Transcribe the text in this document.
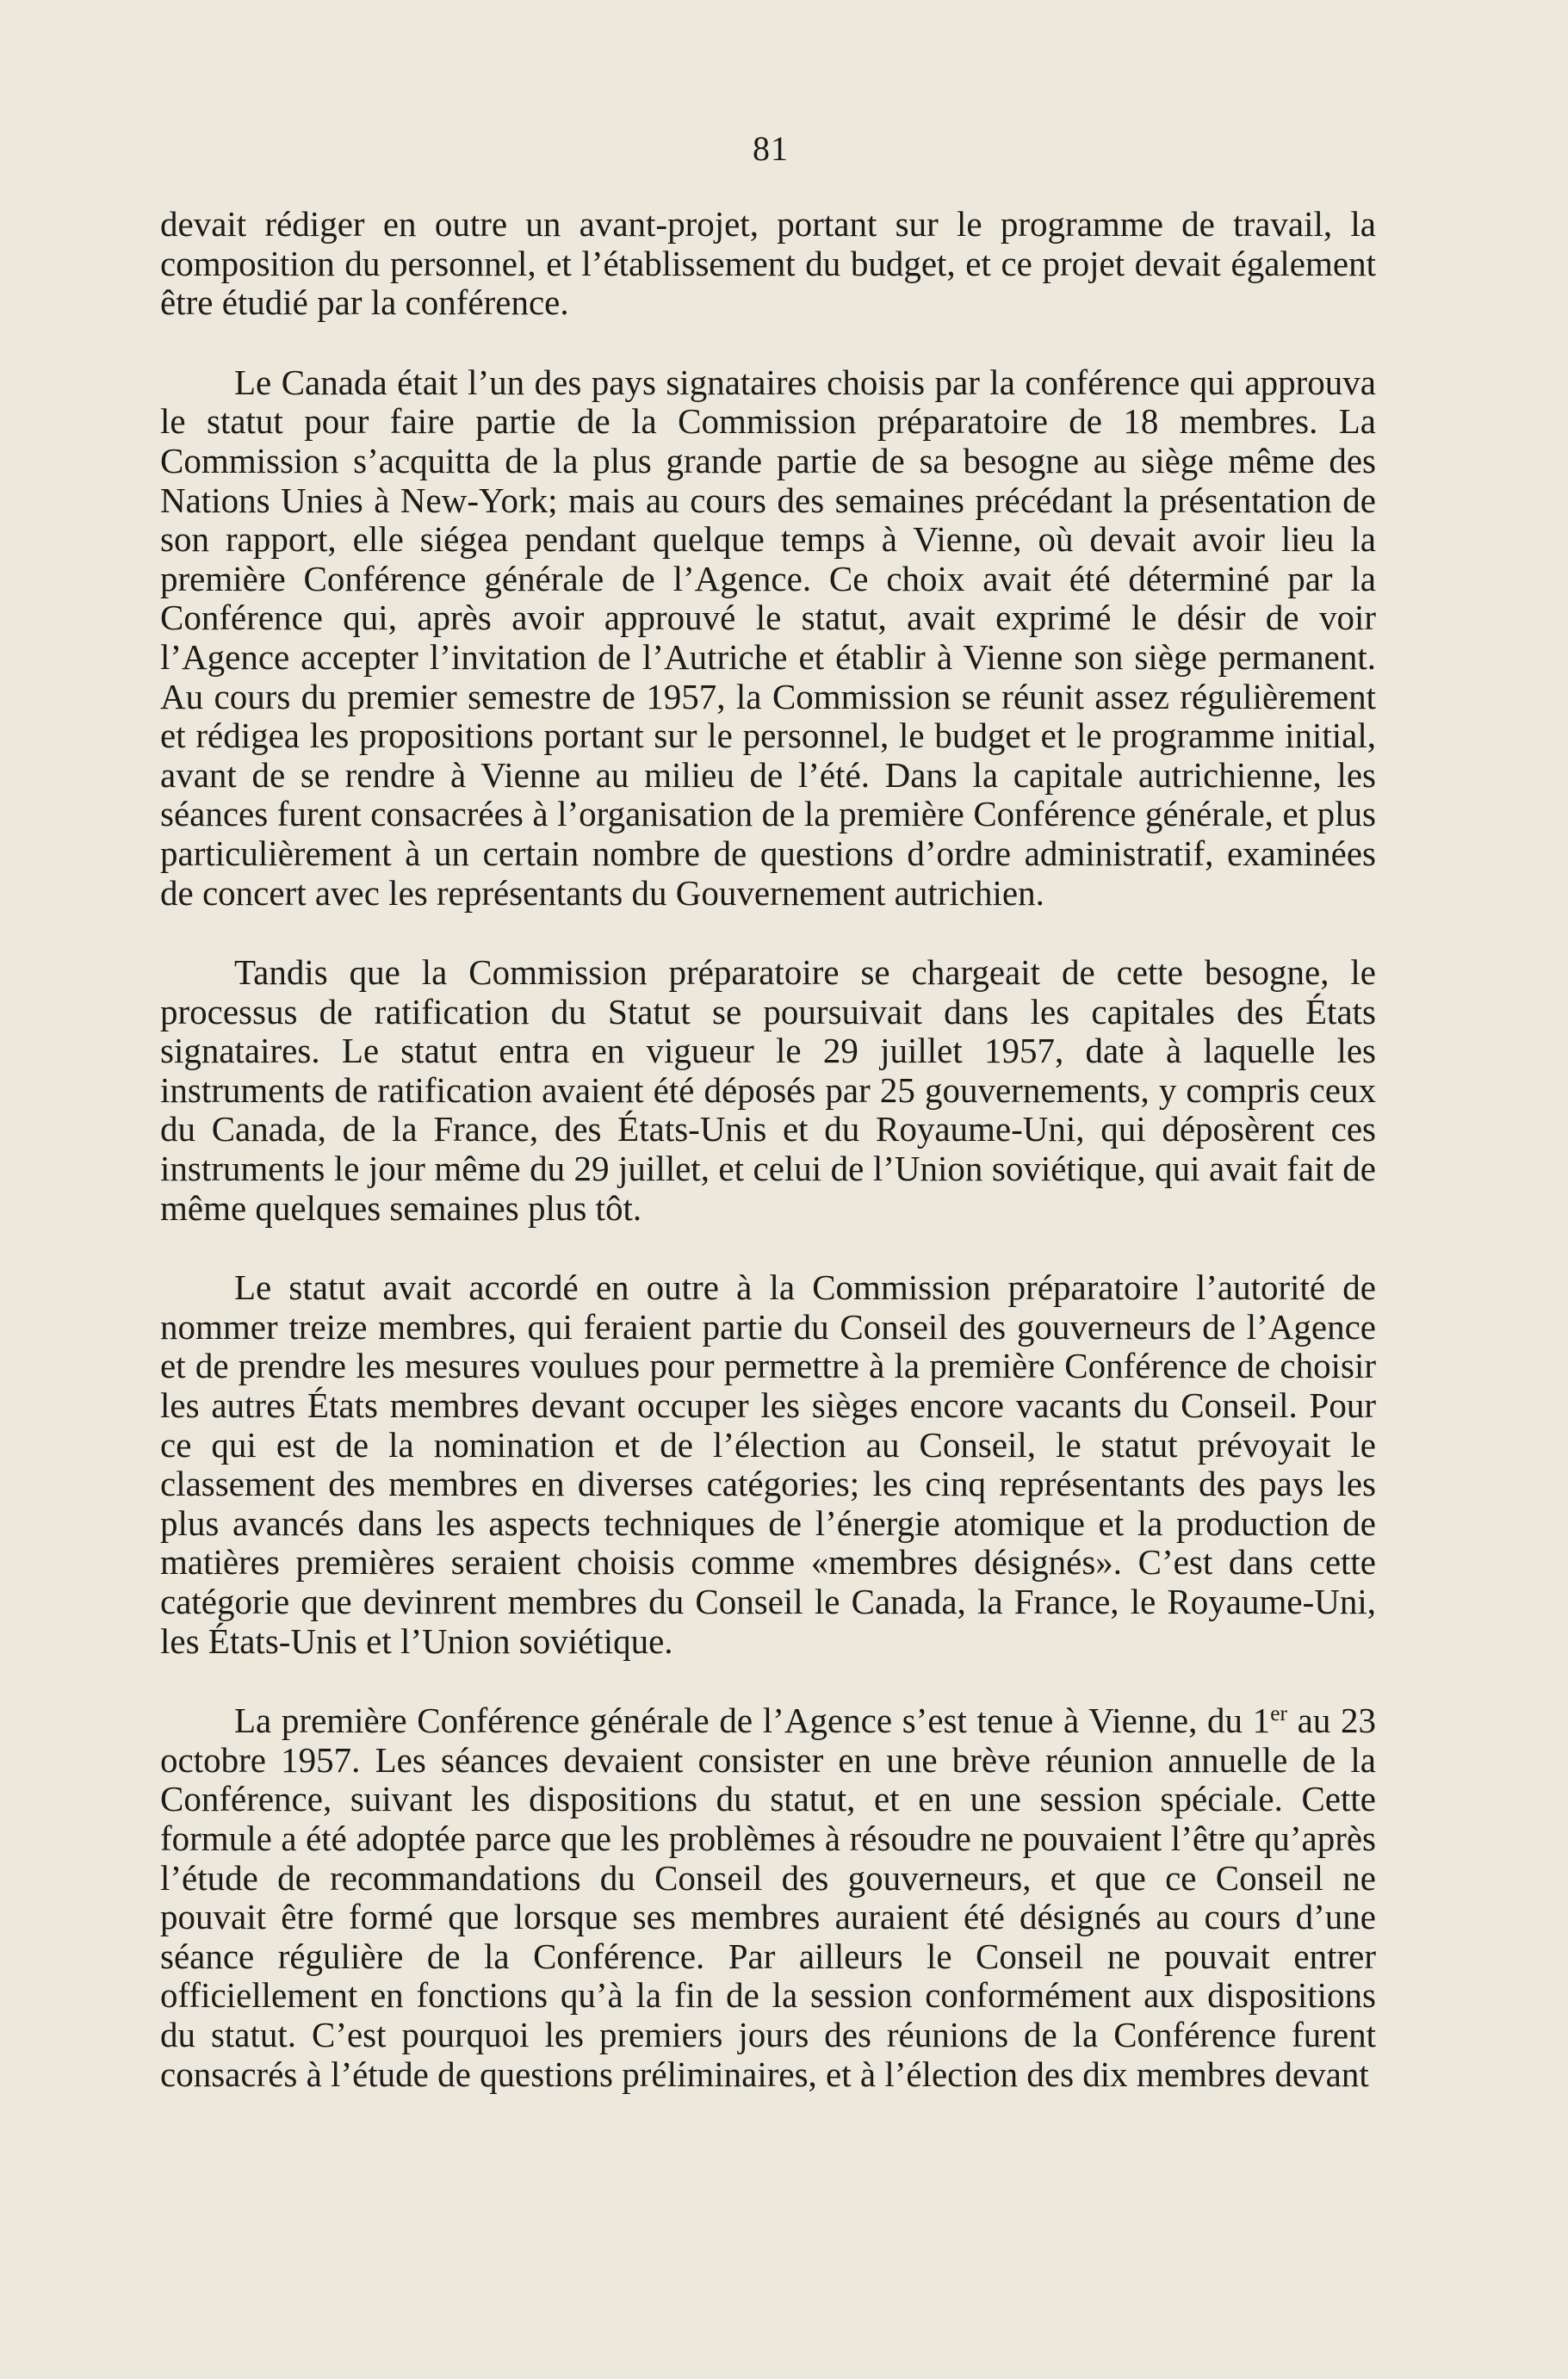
81

devait rédiger en outre un avant-projet, portant sur le programme de travail, la composition du personnel, et l’établissement du budget, et ce projet devait également être étudié par la conférence.

Le Canada était l’un des pays signataires choisis par la conférence qui approuva le statut pour faire partie de la Commission préparatoire de 18 membres. La Commission s’acquitta de la plus grande partie de sa besogne au siège même des Nations Unies à New-York; mais au cours des semaines précédant la présentation de son rapport, elle siégea pendant quelque temps à Vienne, où devait avoir lieu la première Conférence générale de l’Agence. Ce choix avait été déterminé par la Conférence qui, après avoir approuvé le statut, avait exprimé le désir de voir l’Agence accepter l’invitation de l’Autriche et établir à Vienne son siège permanent. Au cours du premier semestre de 1957, la Commission se réunit assez régulièrement et rédigea les propositions portant sur le personnel, le budget et le programme initial, avant de se rendre à Vienne au milieu de l’été. Dans la capitale autrichienne, les séances furent consacrées à l’organisation de la première Conférence générale, et plus particulièrement à un certain nombre de questions d’ordre administratif, examinées de concert avec les représentants du Gouvernement autrichien.

Tandis que la Commission préparatoire se chargeait de cette besogne, le processus de ratification du Statut se poursuivait dans les capitales des États signataires. Le statut entra en vigueur le 29 juillet 1957, date à laquelle les instruments de ratification avaient été déposés par 25 gouvernements, y compris ceux du Canada, de la France, des États-Unis et du Royaume-Uni, qui déposèrent ces instruments le jour même du 29 juillet, et celui de l’Union soviétique, qui avait fait de même quelques semaines plus tôt.

Le statut avait accordé en outre à la Commission préparatoire l’autorité de nommer treize membres, qui feraient partie du Conseil des gouverneurs de l’Agence et de prendre les mesures voulues pour permettre à la première Conférence de choisir les autres États membres devant occuper les sièges encore vacants du Conseil. Pour ce qui est de la nomination et de l’élection au Conseil, le statut prévoyait le classement des membres en diverses catégories; les cinq représentants des pays les plus avancés dans les aspects techniques de l’énergie atomique et la production de matières premières seraient choisis comme «membres désignés». C’est dans cette catégorie que devinrent membres du Conseil le Canada, la France, le Royaume-Uni, les États-Unis et l’Union soviétique.

La première Conférence générale de l’Agence s’est tenue à Vienne, du 1er au 23 octobre 1957. Les séances devaient consister en une brève réunion annuelle de la Conférence, suivant les dispositions du statut, et en une session spéciale. Cette formule a été adoptée parce que les problèmes à résoudre ne pouvaient l’être qu’après l’étude de recommandations du Conseil des gouverneurs, et que ce Conseil ne pouvait être formé que lorsque ses membres auraient été désignés au cours d’une séance régulière de la Conférence. Par ailleurs le Conseil ne pouvait entrer officiellement en fonctions qu’à la fin de la session conformément aux dispositions du statut. C’est pourquoi les premiers jours des réunions de la Conférence furent consacrés à l’étude de questions préliminaires, et à l’élection des dix membres devant
